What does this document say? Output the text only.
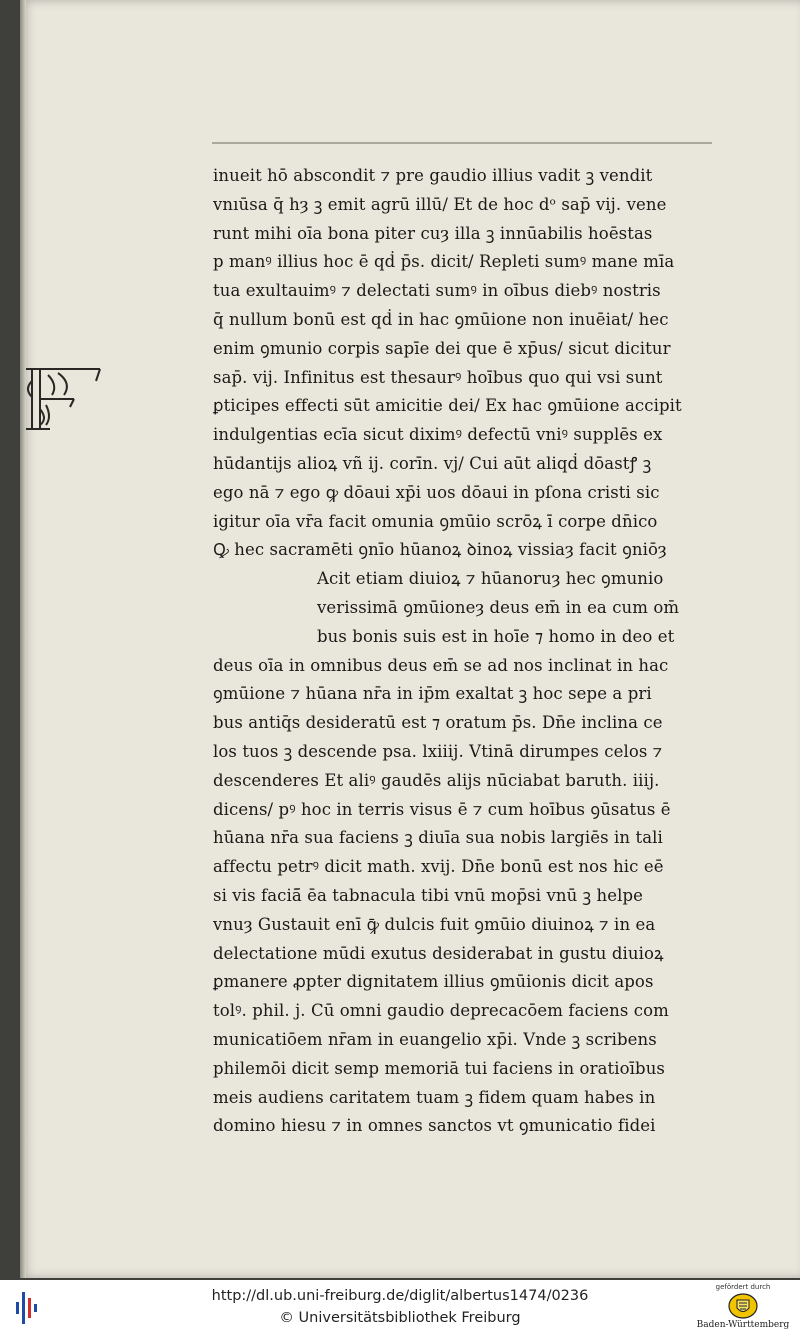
inueit hō abscondit ⁊ pre gaudio illius vadit ꝫ vendit
vnıūsa q̄ hȝ ꝫ emit agrū illū/ Et de hoc dᵒ sap̄ vij. vene
runt mihi oīa bona piter cuȝ illa ꝫ innūabilis hoēstas
p manꝰ illius hoc ē qḋ p̄s. dicit/ Repleti sumꝰ mane mīa
tua exultauimꝰ ⁊ delectati sumꝰ in oībus diebꝰ nostris
q̄ nullum bonū est qḋ in hac ꝯmūione non inuēiat/ hec
enim ꝯmunio corpis sapīe dei que ē xp̄us/ sicut dicitur
sap̄. vij. Infinitus est thesaurꝰ hoībus quo qui vsi sunt
ꝑticipes effecti sūt amicitie dei/ Ex hac ꝯmūione accipit
indulgentias ecīa sicut diximꝰ defectū vniꝰ supplēs ex
hūdantijs alioꝝ vñ ij. corīn. vj/ Cui aūt aliqḋ dōastꝭ ꝫ
ego nā ⁊ ego ꝙ dōaui xp̄i uos dōaui in pſona cristi sic
igitur oīa vr̄a facit omunia ꝯmūio scrōꝝ ī corpe dn̄ico
Ꝙ hec sacramēti ꝯnīo hūanoꝝ ꝺinoꝝ vissiaȝ facit ꝯniōȝ
Acit etiam diuioꝝ ⁊ hūanoruȝ hec ꝯmunio
verissimā ꝯmūioneȝ deus em̄ in ea cum om̄
bus bonis suis est in hoīe ⁊ homo in deo et
deus oīa in omnibus deus em̄ se ad nos inclinat in hac
ꝯmūione ⁊ hūana nr̄a in ip̄m exaltat ꝫ hoc sepe a pri
bus antiq̄s desideratū est ⁊ oratum p̄s. Dn̄e inclina ce
los tuos ꝫ descende psa. lxiiij. Vtinā dirumpes celos ⁊
descenderes Et aliꝰ gaudēs alijs nūciabat baruth. iiij.
dicens/ pꝰ hoc in terris visus ē ⁊ cum hoībus ꝯūsatus ē
hūana nr̄a sua faciens ꝫ diuīa sua nobis largiēs in tali
affectu petrꝰ dicit math. xvij. Dn̄e bonū est nos hic eē
si vis faciā̄ ēa tabnacula tibi vnū mop̄si vnū ꝫ helpe
vnuȝ Gustauit enī ꝙ̄ dulcis fuit ꝯmūio diuinoꝝ ⁊ in ea
delectatione mūdi exutus desiderabat in gustu diuioꝝ
ꝑmanere ꝓpter dignitatem illius ꝯmūionis dicit apos
tolꝰ. phil. j. Cū omni gaudio deprecacōem faciens com
municatiōem nr̄am in euangelio xp̄i. Vnde ꝫ scribens
philemōi dicit semp memoriā tui faciens in oratioībus
meis audiens caritatem tuam ꝫ fidem quam habes in
domino hiesu ⁊ in omnes sanctos vt ꝯmunicatio fidei
http://dl.ub.uni-freiburg.de/diglit/albertus1474/0236
© Universitätsbibliothek Freiburg
gefördert durch
Baden-Württemberg
